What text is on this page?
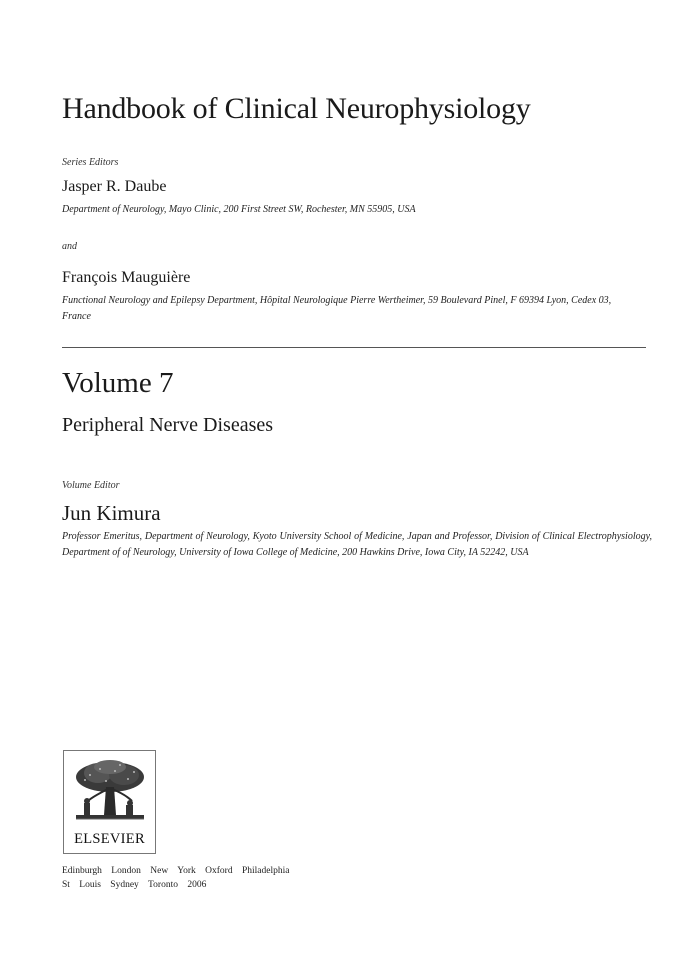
Handbook of Clinical Neurophysiology
Series Editors
Jasper R. Daube
Department of Neurology, Mayo Clinic, 200 First Street SW, Rochester, MN 55905, USA
and
François Mauguière
Functional Neurology and Epilepsy Department, Hôpital Neurologique Pierre Wertheimer, 59 Boulevard Pinel, F 69394 Lyon, Cedex 03, France
Volume 7
Peripheral Nerve Diseases
Volume Editor
Jun Kimura
Professor Emeritus, Department of Neurology, Kyoto University School of Medicine, Japan and Professor, Division of Clinical Electrophysiology, Department of of Neurology, University of Iowa College of Medicine, 200 Hawkins Drive, Iowa City, IA 52242, USA
ELSEVIER
Edinburgh London New York Oxford Philadelphia
St Louis Sydney Toronto 2006
